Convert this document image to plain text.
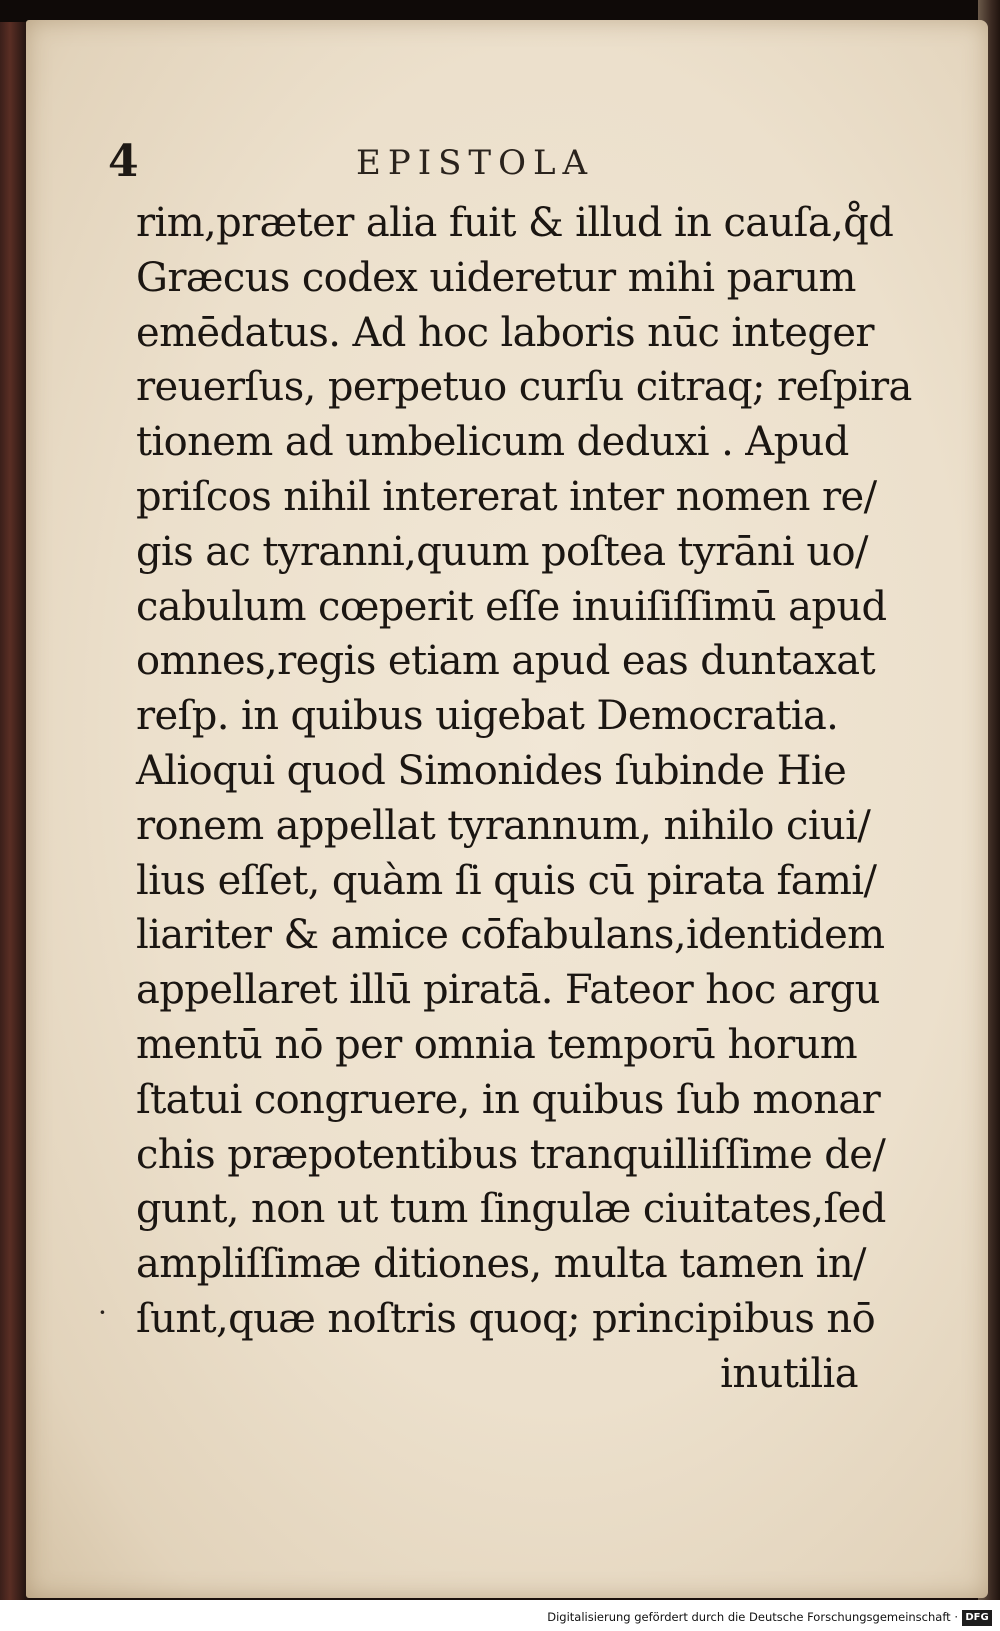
4	EPISTOLA
·
rim,præter alia fuit & illud in cauſa,q̊d
Græcus codex uideretur mihi parum
emēdatus. Ad hoc laboris nūc integer
reuerſus, perpetuo curſu citraq; reſpira
tionem ad umbelicum deduxi . Apud
priſcos nihil intererat inter nomen re/
gis ac tyranni,quum poſtea tyrāni uo/
cabulum cœperit eſſe inuiſiſſimū apud
omnes,regis etiam apud eas duntaxat
reſp. in quibus uigebat Democratia.
Alioqui quod Simonides ſubinde Hie
ronem appellat tyrannum, nihilo ciui/
lius eſſet, quàm ſi quis cū pirata fami/
liariter & amice cōfabulans,identidem
appellaret illū piratā. Fateor hoc argu
mentū nō per omnia temporū horum
ſtatui congruere, in quibus ſub monar
chis præpotentibus tranquilliſſime de/
gunt, non ut tum ſingulæ ciuitates,ſed
ampliſſimæ ditiones, multa tamen in/
ſunt,quæ noſtris quoq; principibus nō
inutilia
Digitalisierung gefördert durch die Deutsche Forschungsgemeinschaft · DFG
